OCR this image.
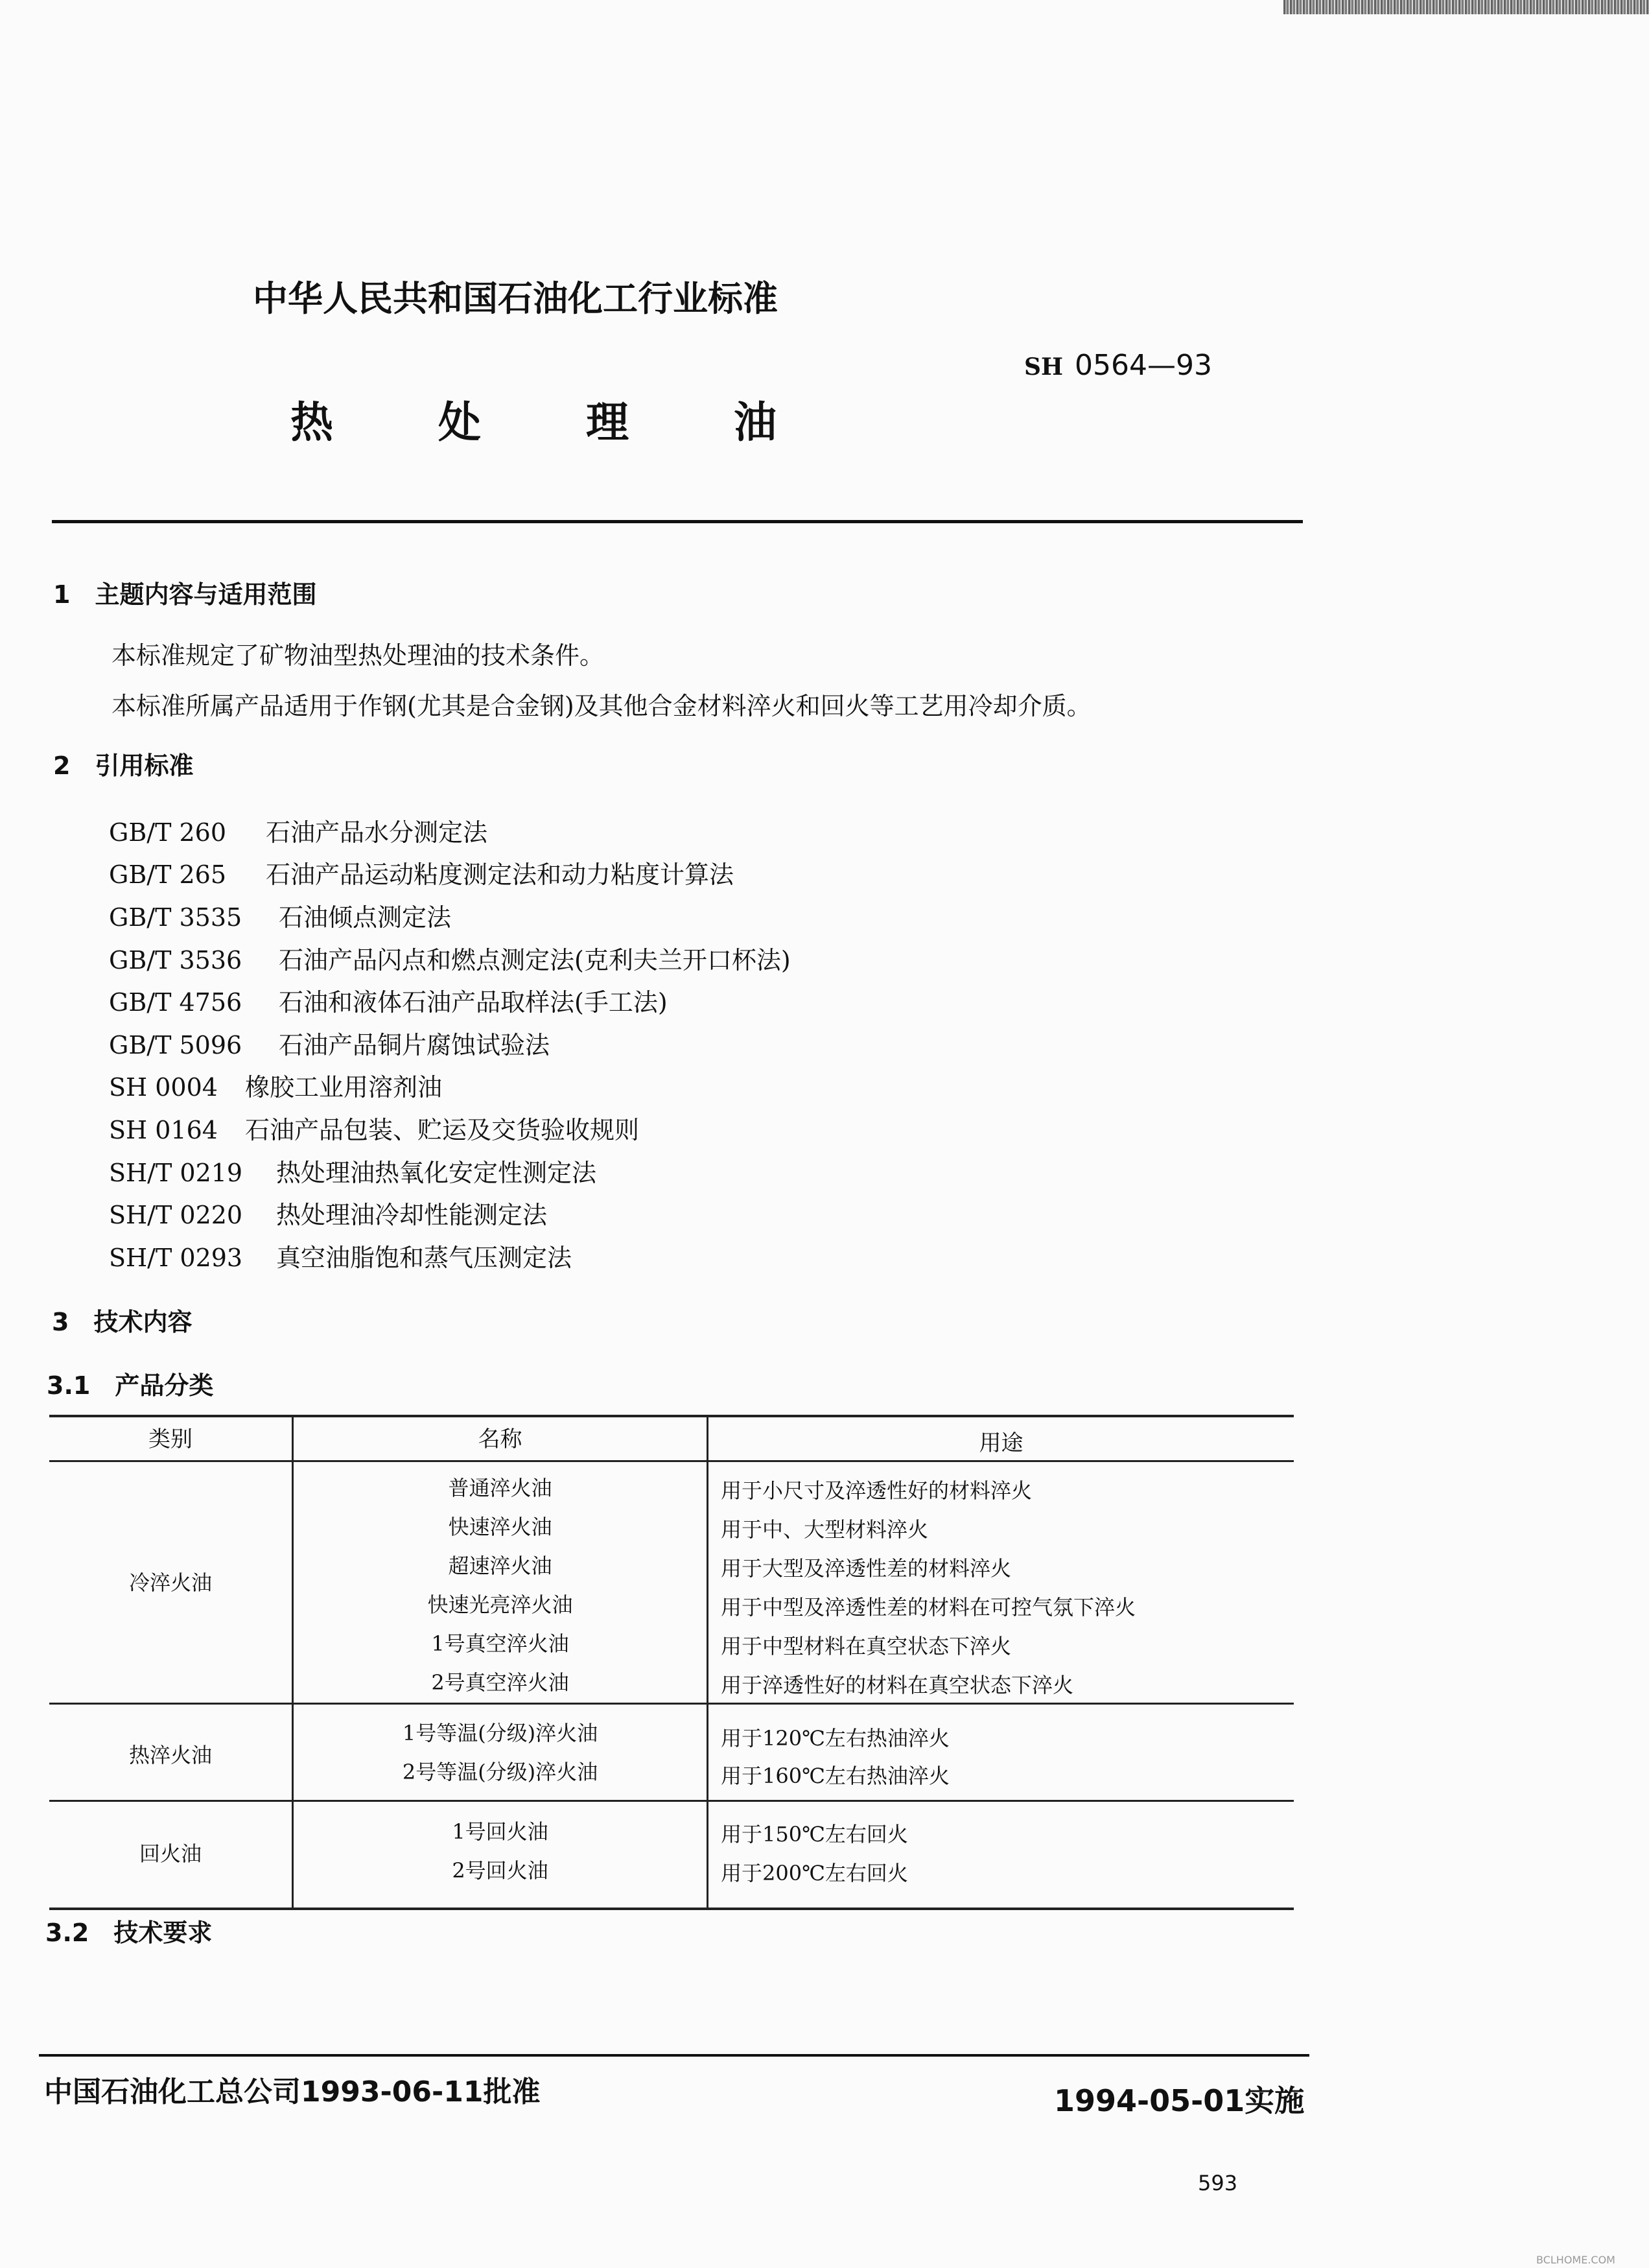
中华人民共和国石油化工行业标准
SH 0564—93
热 处 理 油
1　主题内容与适用范围
本标准规定了矿物油型热处理油的技术条件。
本标准所属产品适用于作钢(尤其是合金钢)及其他合金材料淬火和回火等工艺用冷却介质。
2　引用标准
GB/T 260 石油产品水分测定法
GB/T 265 石油产品运动粘度测定法和动力粘度计算法
GB/T 3535 石油倾点测定法
GB/T 3536 石油产品闪点和燃点测定法(克利夫兰开口杯法)
GB/T 4756 石油和液体石油产品取样法(手工法)
GB/T 5096 石油产品铜片腐蚀试验法
SH 0004 橡胶工业用溶剂油
SH 0164 石油产品包装、贮运及交货验收规则
SH/T 0219 热处理油热氧化安定性测定法
SH/T 0220 热处理油冷却性能测定法
SH/T 0293 真空油脂饱和蒸气压测定法
3　技术内容
3.1　产品分类
类别	名称	用途
冷淬火油
普通淬火油	用于小尺寸及淬透性好的材料淬火
快速淬火油	用于中、大型材料淬火
超速淬火油	用于大型及淬透性差的材料淬火
快速光亮淬火油	用于中型及淬透性差的材料在可控气氛下淬火
1号真空淬火油	用于中型材料在真空状态下淬火
2号真空淬火油	用于淬透性好的材料在真空状态下淬火
热淬火油
1号等温(分级)淬火油	用于120℃左右热油淬火
2号等温(分级)淬火油	用于160℃左右热油淬火
回火油
1号回火油	用于150℃左右回火
2号回火油	用于200℃左右回火
3.2　技术要求
中国石油化工总公司1993-06-11批准	1994-05-01实施
593
BCLHOME.COM
